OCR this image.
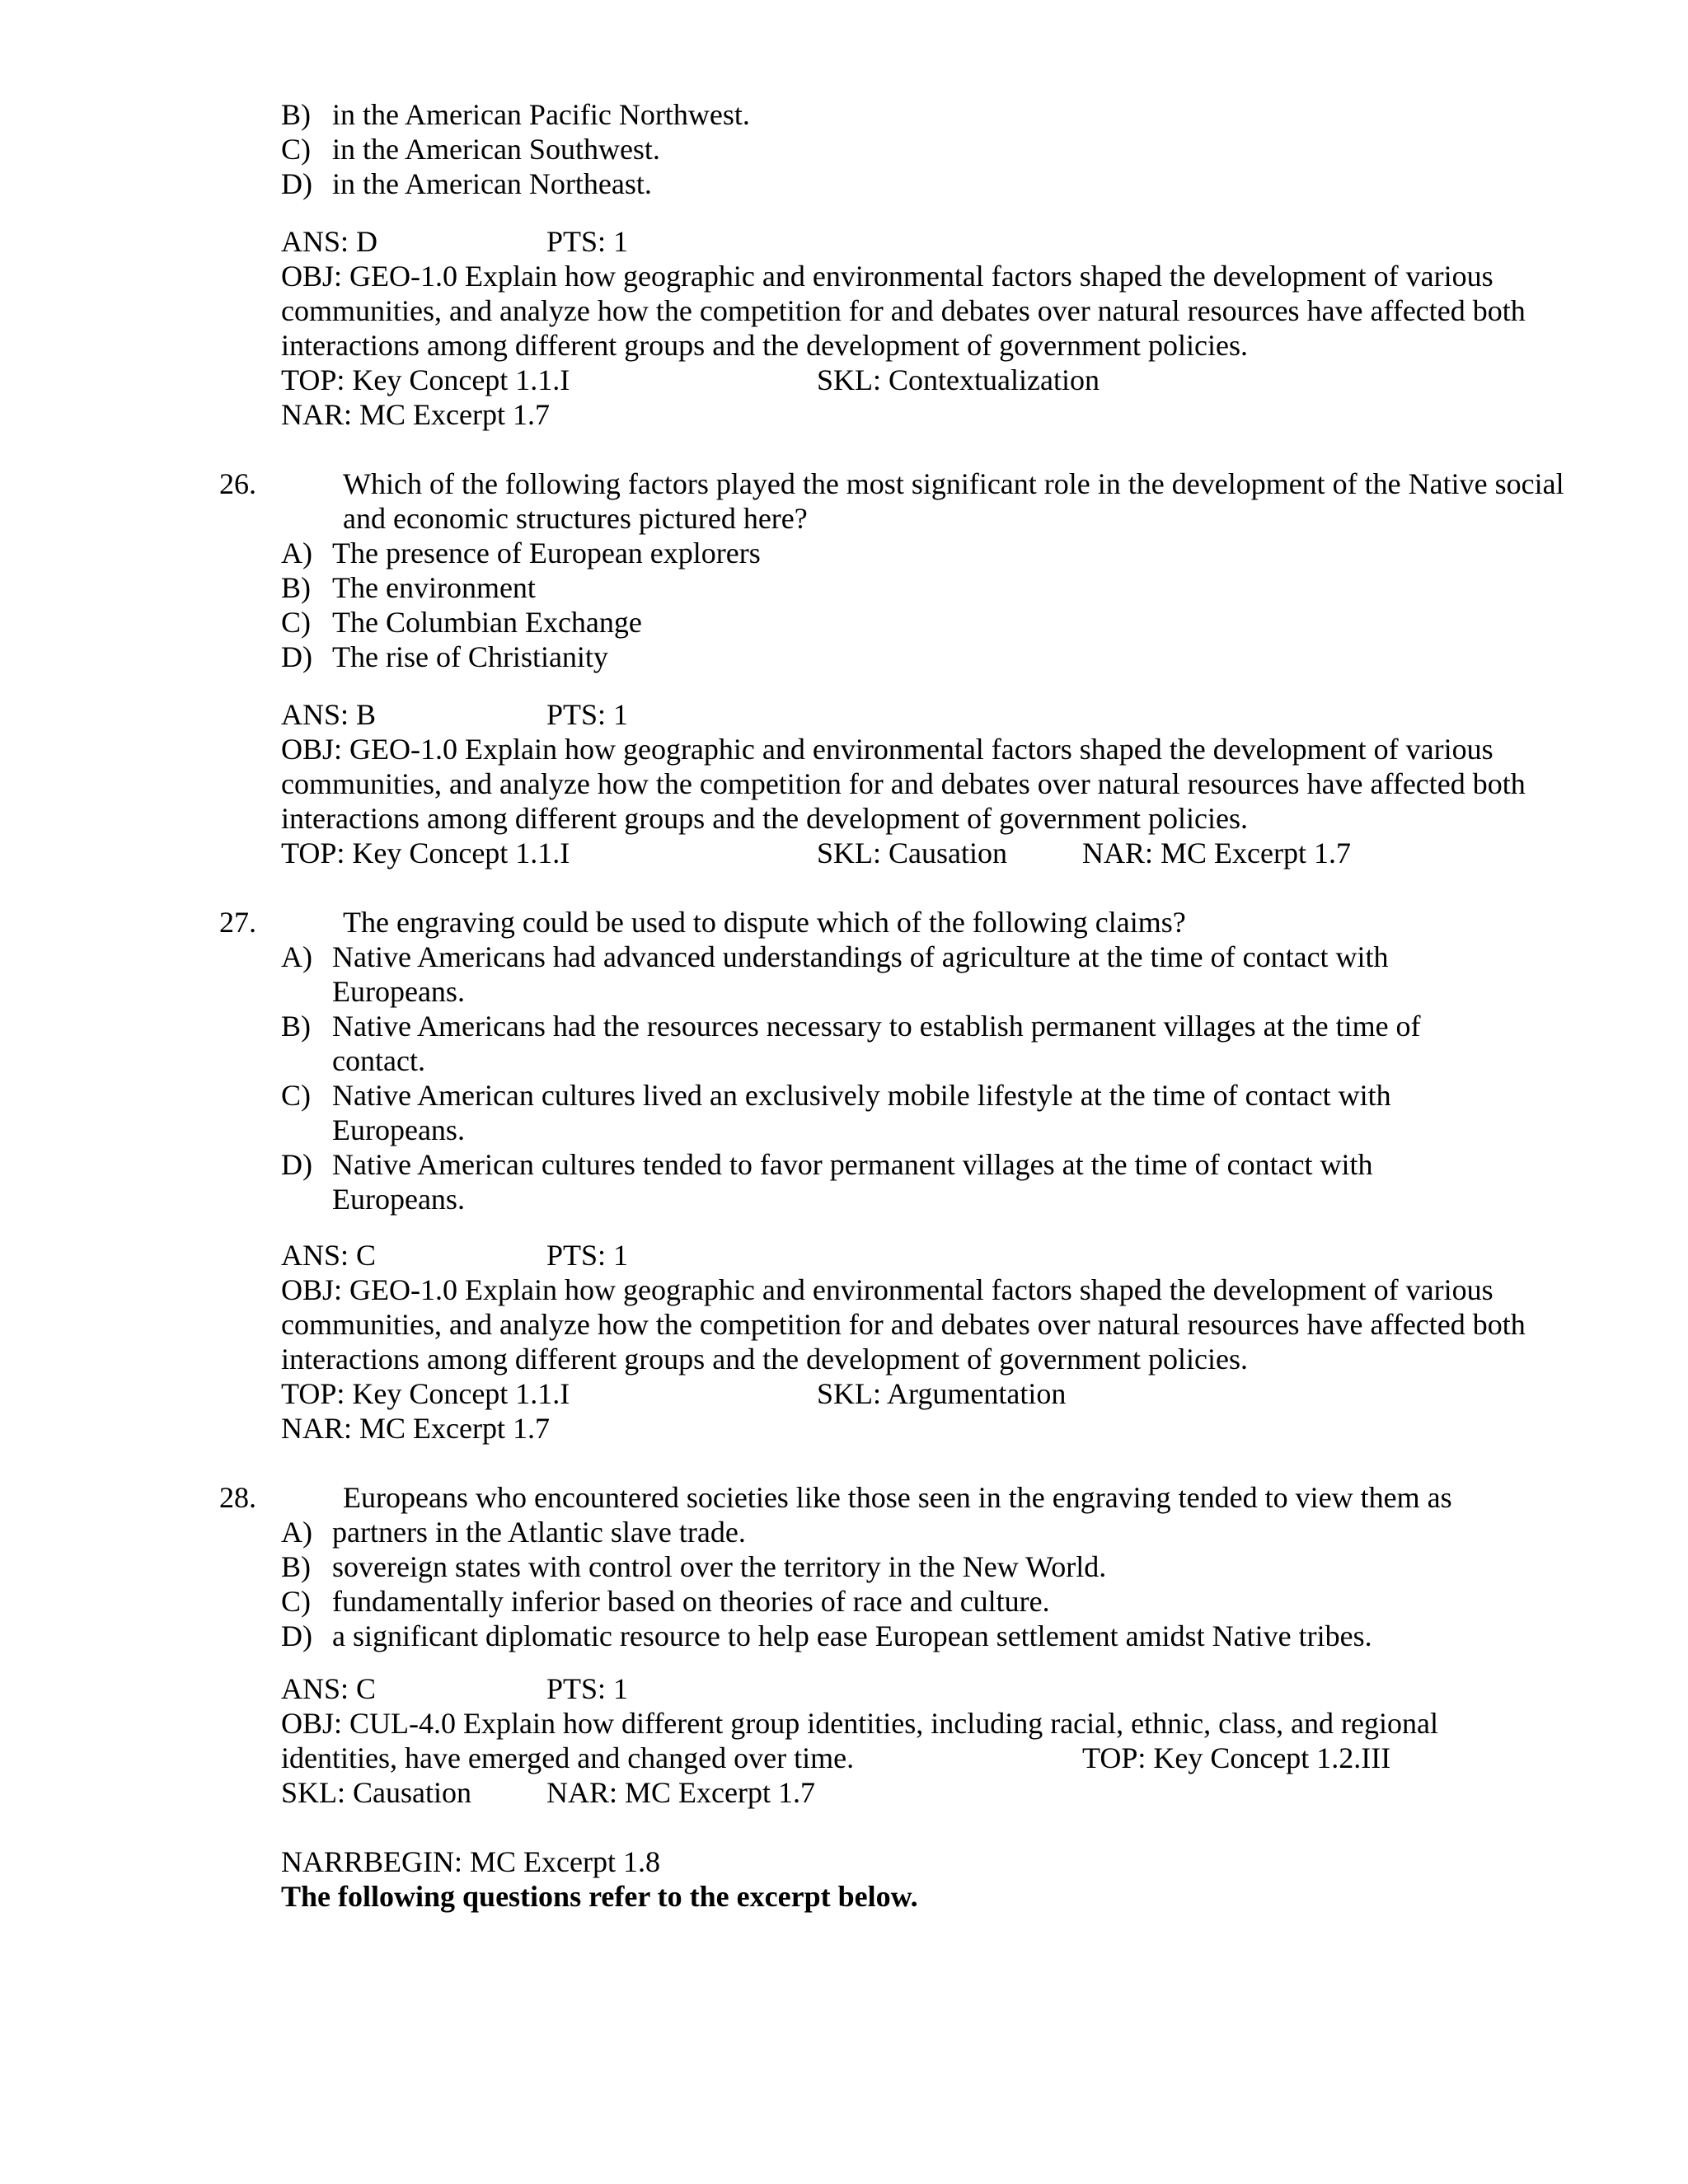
B) in the American Pacific Northwest.
C) in the American Southwest.
D) in the American Northeast.
ANS: D	PTS: 1
OBJ: GEO-1.0 Explain how geographic and environmental factors shaped the development of various communities, and analyze how the competition for and debates over natural resources have affected both interactions among different groups and the development of government policies.
TOP: Key Concept 1.1.I	SKL: Contextualization
NAR: MC Excerpt 1.7
26.	Which of the following factors played the most significant role in the development of the Native social and economic structures pictured here?
A) The presence of European explorers
B) The environment
C) The Columbian Exchange
D) The rise of Christianity
ANS: B	PTS: 1
OBJ: GEO-1.0 Explain how geographic and environmental factors shaped the development of various communities, and analyze how the competition for and debates over natural resources have affected both interactions among different groups and the development of government policies.
TOP: Key Concept 1.1.I	SKL: Causation	NAR: MC Excerpt 1.7
27.	The engraving could be used to dispute which of the following claims?
A) Native Americans had advanced understandings of agriculture at the time of contact with Europeans.
B) Native Americans had the resources necessary to establish permanent villages at the time of contact.
C) Native American cultures lived an exclusively mobile lifestyle at the time of contact with Europeans.
D) Native American cultures tended to favor permanent villages at the time of contact with Europeans.
ANS: C	PTS: 1
OBJ: GEO-1.0 Explain how geographic and environmental factors shaped the development of various communities, and analyze how the competition for and debates over natural resources have affected both interactions among different groups and the development of government policies.
TOP: Key Concept 1.1.I	SKL: Argumentation
NAR: MC Excerpt 1.7
28.	Europeans who encountered societies like those seen in the engraving tended to view them as
A) partners in the Atlantic slave trade.
B) sovereign states with control over the territory in the New World.
C) fundamentally inferior based on theories of race and culture.
D) a significant diplomatic resource to help ease European settlement amidst Native tribes.
ANS: C	PTS: 1
OBJ: CUL-4.0 Explain how different group identities, including racial, ethnic, class, and regional identities, have emerged and changed over time.	TOP: Key Concept 1.2.III
SKL: Causation	NAR: MC Excerpt 1.7
NARRBEGIN: MC Excerpt 1.8
The following questions refer to the excerpt below.
